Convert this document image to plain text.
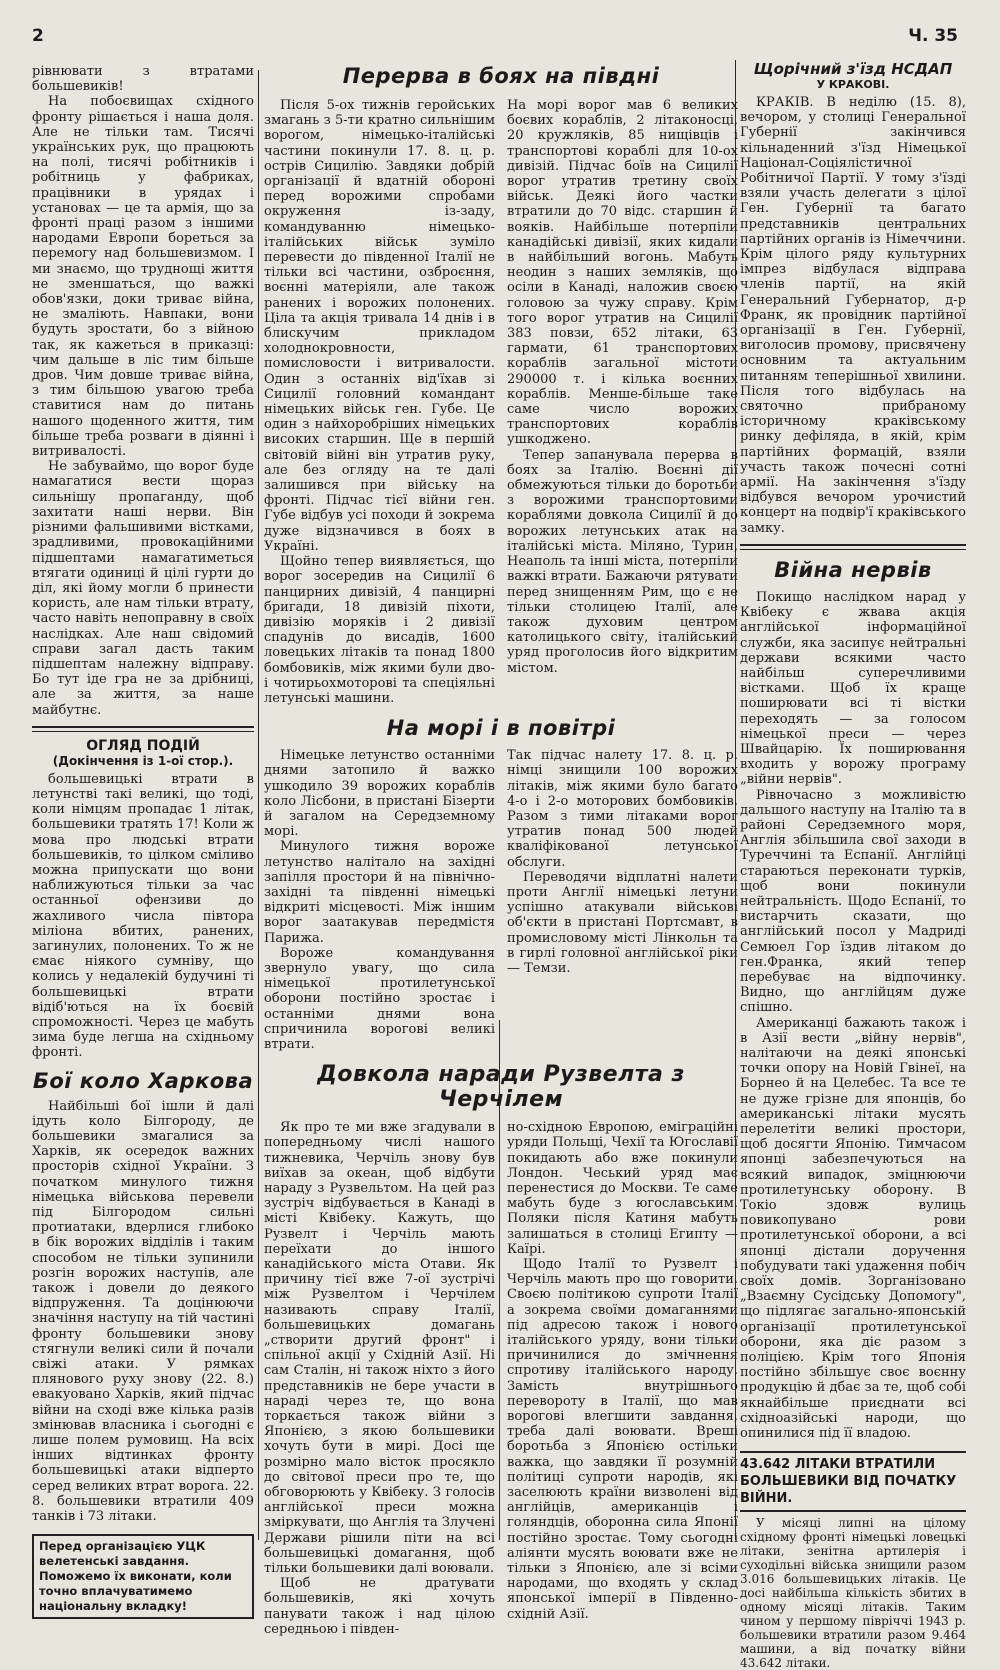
2	Ч. 35

рівнювати з втратами большевиків!

На побоєвищах східного фронту рішається і наша доля. Але не тільки там. Тисячі українських рук, що працюють на полі, тисячі робітників і робітниць у фабриках, працівники в урядах і установах — це та армія, що за фронті праці разом з іншими народами Европи бореться за перемогу над большевизмом. І ми знаємо, що труднощі життя не зменшаться, що важкі обов'язки, доки триває війна, не змаліють. Навпаки, вони будуть зростати, бо з війною так, як кажеться в приказці: чим дальше в ліс тим більше дров. Чим довше триває війна, з тим більшою увагою треба ставитися нам до питань нашого щоденного життя, тим більше треба розваги в діянні і витривалості.

Не забуваймо, що ворог буде намагатися вести щораз сильнішу пропаганду, щоб захитати наші нерви. Він різними фальшивими вістками, зрадливими, провокаційними підшептами намагатиметься втягати одиниці й цілі гурти до діл, які йому могли б принести користь, але нам тільки втрату, часто навіть непоправну в своїх наслідках. Але наш свідомий справи загал дасть таким підшептам належну відправу. Бо тут іде гра не за дрібниці, але за життя, за наше майбутнє.

ОГЛЯД ПОДІЙ

(Докінчення із 1-ої стор.).

большевицькі втрати в летунстві такі великі, що тоді, коли німцям пропадає 1 літак, большевики тратять 17! Коли ж мова про людські втрати большевиків, то цілком сміливо можна припускати що вони наближуються тільки за час останньої офензиви до жахливого числа півтора міліона вбитих, ранених, загинулих, полонених. То ж не ємає ніякого сумніву, що колись у недалекій будучині ті большевицькі втрати відіб'ються на їх боєвій спроможності. Через це мабуть зима буде легша на східньому фронті.

Бої коло Харкова

Найбільші бої ішли й далі ідуть коло Білгороду, де большевики змагалися за Харків, як осередок важних просторів східної України. З початком минулого тижня німецька військова перевели під Білгородом сильні протиатаки, вдерлися глибоко в бік ворожих відділів і таким способом не тільки зупинили розгін ворожих наступів, але також і довели до деякого відпруження. Та доцінюючи значіння наступу на тій частині фронту большевики знову стягнули великі сили й почали свіжі атаки. У рямках плянового руху знову (22. 8.) евакуовано Харків, який підчас війни на сході вже кілька разів змінював власника і сьогодні є лише полем румовищ. На всіх інших відтинках фронту большевицькі атаки відперто серед великих втрат ворога. 22. 8. большевики втратили 409 танків і 73 літаки.

Перед організацією УЦК велетенські завдання. Поможемо їх виконати, коли точно вплачуватимемо національну вкладку!

Перерва в боях на півдні

Після 5-ох тижнів геройських змагань з 5-ти кратно сильнішим ворогом, німецько-італійські частини покинули 17. 8. ц. р. острів Сицилію. Завдяки добрій організації й вдатній обороні перед ворожими спробами окруження із-заду, командуванню німецько-італійських військ зуміло перевести до південної Італії не тільки всі частини, озброєння, воєнні матеріяли, але також ранених і ворожих полонених. Ціла та акція тривала 14 днів і в блискучим прикладом холоднокровности, помисловости і витривалости. Один з останніх від'їхав зі Сицилії головний командант німецьких військ ген. Губе. Це один з найхоробріших німецьких високих старшин. Ще в першій світовій війні він утратив руку, але без огляду на те далі залишився при війську на фронті. Підчас тієї війни ген. Губе відбув усі походи й зокрема дуже відзначився в боях в Україні.

Щойно тепер виявляється, що ворог зосередив на Сицилії 6 панцирних дивізій, 4 панцирні бригади, 18 дивізій піхоти, дивізію моряків і 2 дивізії спадунів до висадів, 1600 ловецьких літаків та понад 1800 бомбовиків, між якими були дво- і чотирьохмоторові та спеціяльні летунські машини.

На морі ворог мав 6 великих боєвих кораблів, 2 літаконосці, 20 кружляків, 85 нищівців і транспортові кораблі для 10-ох дивізій. Підчас боїв на Сицилії ворог утратив третину своїх військ. Деякі його частки втратили до 70 відс. старшин й вояків. Найбільше потерпіли канадійські дивізії, яких кидали в найбільший вогонь. Мабуть неодин з наших земляків, що осіли в Канаді, наложив своєю головою за чужу справу. Крім того ворог утратив на Сицилії 383 повзи, 652 літаки, 63 гармати, 61 транспортових кораблів загальної містоти 290000 т. і кілька воєнних кораблів. Менше-більше таке саме число ворожих транспортових кораблів ушкоджено.

Тепер запанувала перерва в боях за Італію. Воєнні дії обмежуються тільки до боротьби з ворожими транспортовими кораблями довкола Сицилії й до ворожих летунських атак на італійські міста. Міляно, Турин, Неаполь та інші міста, потерпіли важкі втрати. Бажаючи рятувати перед знищенням Рим, що є не тільки столицею Італії, але також духовим центром католицького світу, італійський уряд проголосив його відкритим містом.

На морі і в повітрі

Німецьке летунство останніми днями затопило й важко ушкодило 39 ворожих кораблів коло Лісбони, в пристані Бізерти й загалом на Середземному морі.

Минулого тижня вороже летунство налітало на західні запілля простори й на північно-західні та південні німецькі відкриті місцевості. Між іншим ворог заатакував передмістя Парижа.

Вороже командування звернуло увагу, що сила німецької протилетунської оборони постійно зростає і останніми днями вона спричинила ворогові великі втрати.

Так підчас налету 17. 8. ц. р. німці знищили 100 ворожих літаків, між якими було багато 4-о і 2-о моторових бомбовиків. Разом з тими літаками ворог утратив понад 500 людей кваліфікованої летунської обслуги.

Переводячи відплатні налети проти Англії німецькі летуни успішно атакували військові об'єкти в пристані Портсмавт, в промисловому місті Лінкольн та в гирлі головної англійської ріки — Темзи.

Довкола наради Рузвелта з Черчілем

Як про те ми вже згадували в попередньому числі нашого тижневика, Черчіль знову був виїхав за океан, щоб відбути нараду з Рузвельтом. На цей раз зустріч відбувається в Канаді в місті Квібеку. Кажуть, що Рузвелт і Черчіль мають переїхати до іншого канадійського міста Отави. Як причину тієї вже 7-ої зустрічі між Рузвелтом і Черчілем називають справу Італії, большевицьких домагань „створити другий фронт" і спільної акції у Східній Азії. Ні сам Сталін, ні також ніхто з його представників не бере участи в нараді через те, що вона торкається також війни з Японією, з якою большевики хочуть бути в мирі. Досі ще розмірно мало вісток просякло до світової преси про те, що обговорюють у Квібеку. З голосів англійської преси можна зміркувати, що Англія та Злучені Держави рішили піти на всі большевицькі домагання, щоб тільки большевики далі воювали.

Щоб не дратувати большевиків, які хочуть панувати також і над цілою середньою і півден-

но-східною Европою, еміграційні уряди Польщі, Чехії та Югославії покидають або вже покинули Лондон. Чеський уряд має перенестися до Москви. Те саме мабуть буде з югославським. Поляки після Катиня мабуть залишаться в столиці Египту — Каїрі.

Щодо Італії то Рузвелт і Черчіль мають про що говорити. Своєю політикою супроти Італії а зокрема своїми домаганнями під адресою також і нового італійського уряду, вони тільки причинилися до змічнення спротиву італійського народу. Замість внутрішнього перевороту в Італії, що мав ворогові влегшити завдання, треба далі воювати. Вреші боротьба з Японією остільки важка, що завдяки її розумній політиці супроти народів, які заселюють країни визволені від англійців, американців і голяндців, оборонна сила Японії постійно зростає. Тому сьогодні аліянти мусять воювати вже не тільки з Японією, але зі всіми народами, що входять у склад японської імперії в Південно-східній Азії.

Щорічний з'їзд НСДАП

У КРАКОВІ.

КРАКІВ. В неділю (15. 8), вечором, у столиці Генеральної Губернії закінчився кільнаденний з'їзд Німецької Націонал-Соціялістичної Робітничої Партії. У тому з'їзді взяли участь делегати з цілої Ген. Губернії та багато представників центральних партійних органів із Німеччини. Крім цілого ряду культурних імпрез відбулася відправа членів партії, на якій Генеральний Губернатор, д-р Франк, як провідник партійної організації в Ген. Губернії, виголосив промову, присвячену основним та актуальним питанням теперішньої хвилини. Після того відбулась на святочно прибраному історичному краківському ринку дефіляда, в якій, крім партійних формацій, взяли участь також почесні сотні армії. На закінчення з'їзду відбувся вечором урочистий концерт на подвір'ї краківського замку.

Війна нервів

Покищо наслідком нарад у Квібеку є жвава акція англійської інформаційної служби, яка засипує нейтральні держави всякими часто найбільш суперечливими вістками. Щоб їх краще поширювати всі ті вістки переходять — за голосом німецької преси — через Швайцарію. Їх поширювання входить у ворожу програму „війни нервів".

Рівночасно з можливістю дальшого наступу на Італію та в районі Середземного моря, Англія збільшила свої заходи в Туреччині та Еспанії. Англійці стараються переконати турків, щоб вони покинули нейтральність. Щодо Еспанії, то вистарчить сказати, що англійський посол у Мадриді Семюел Гор їздив літаком до ген.Франка, який тепер перебуває на відпочинку. Видно, що англійцям дуже спішно.

Американці бажають також і в Азії вести „війну нервів", налітаючи на деякі японські точки опору на Новій Гвінеї, на Борнео й на Целебес. Та все те не дуже грізне для японців, бо американські літаки мусять перелетіти великі простори, щоб досягти Японію. Тимчасом японці забезпечуються на всякий випадок, зміцнюючи протилетунську оборону. В Токіо здовж вулиць повикопувано рови протилетунської оборони, а всі японці дістали доручення побудувати такі удаження побіч своїх домів. Зорганізовано „Взаємну Сусідську Допомогу", що підлягає загально-японській організації протилетунської оборони, яка діє разом з поліцією. Крім того Японія постійно збільшує своє воєнну продукцію й дбає за те, щоб собі якнайбільше приєднати всі східноазійські народи, що опинилися під її владою.

43.642 ЛІТАКИ ВТРАТИЛИ БОЛЬШЕВИКИ ВІД ПОЧАТКУ ВІЙНИ.

У місяці липні на цілому східному фронті німецькі ловецькі літаки, зенітна артилерія і суходільні війська знищили разом 3.016 большевицьких літаків. Це досі найбільша кількість збитих в одному місяці літаків. Таким чином у першому півріччі 1943 р. большевики втратили разом 9.464 машини, а від початку війни 43.642 літаки.
